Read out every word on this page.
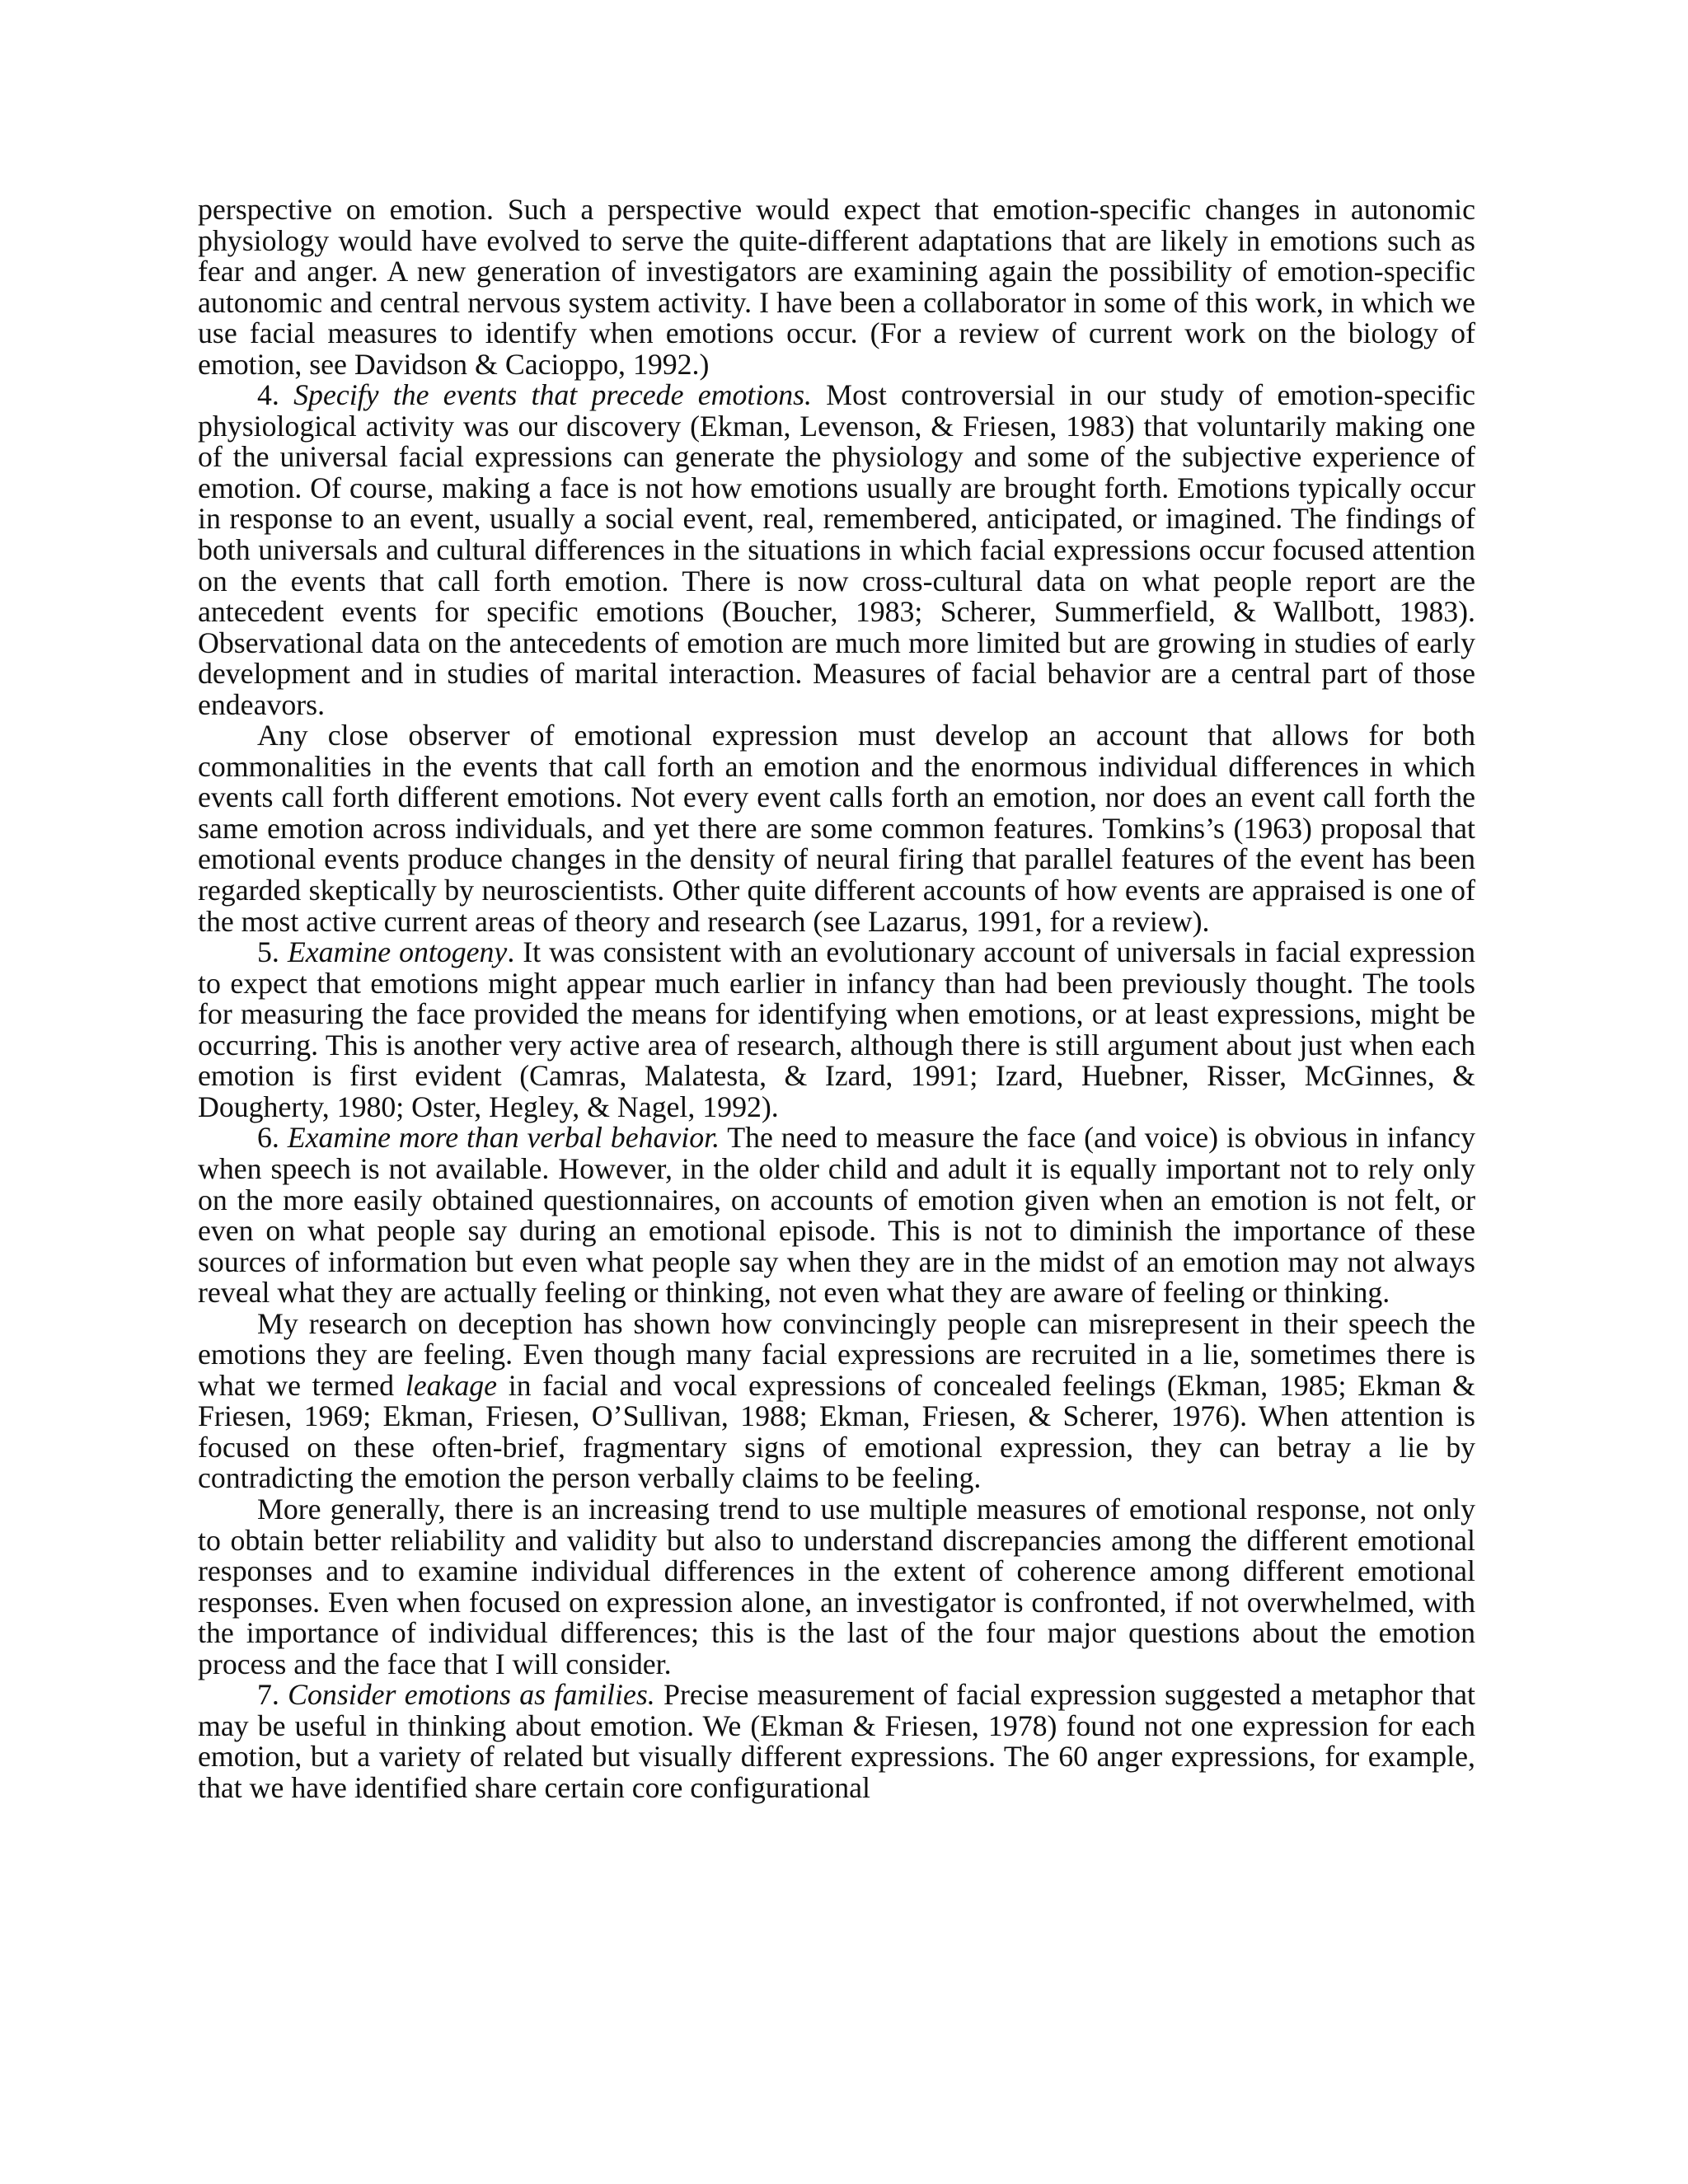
perspective on emotion. Such a perspective would expect that emotion-specific changes in autonomic physiology would have evolved to serve the quite-different adaptations that are likely in emotions such as fear and anger. A new generation of investigators are examining again the possibility of emotion-specific autonomic and central nervous system activity. I have been a collaborator in some of this work, in which we use facial measures to identify when emotions occur. (For a review of current work on the biology of emotion, see Davidson & Cacioppo, 1992.)

4. Specify the events that precede emotions. Most controversial in our study of emotion-specific physiological activity was our discovery (Ekman, Levenson, & Friesen, 1983) that voluntarily making one of the universal facial expressions can generate the physiology and some of the subjective experience of emotion. Of course, making a face is not how emotions usually are brought forth. Emotions typically occur in response to an event, usually a social event, real, remembered, anticipated, or imagined. The findings of both universals and cultural differences in the situations in which facial expressions occur focused attention on the events that call forth emotion. There is now cross-cultural data on what people report are the antecedent events for specific emotions (Boucher, 1983; Scherer, Summerfield, & Wallbott, 1983). Observational data on the antecedents of emotion are much more limited but are growing in studies of early development and in studies of marital interaction. Measures of facial behavior are a central part of those endeavors.

Any close observer of emotional expression must develop an account that allows for both commonalities in the events that call forth an emotion and the enormous individual differences in which events call forth different emotions. Not every event calls forth an emotion, nor does an event call forth the same emotion across individuals, and yet there are some common features. Tomkins’s (1963) proposal that emotional events produce changes in the density of neural firing that parallel features of the event has been regarded skeptically by neuroscientists. Other quite different accounts of how events are appraised is one of the most active current areas of theory and research (see Lazarus, 1991, for a review).

5. Examine ontogeny. It was consistent with an evolutionary account of universals in facial expression to expect that emotions might appear much earlier in infancy than had been previously thought. The tools for measuring the face provided the means for identifying when emotions, or at least expressions, might be occurring. This is another very active area of research, although there is still argument about just when each emotion is first evident (Camras, Malatesta, & Izard, 1991; Izard, Huebner, Risser, McGinnes, & Dougherty, 1980; Oster, Hegley, & Nagel, 1992).

6. Examine more than verbal behavior. The need to measure the face (and voice) is obvious in infancy when speech is not available. However, in the older child and adult it is equally important not to rely only on the more easily obtained questionnaires, on accounts of emotion given when an emotion is not felt, or even on what people say during an emotional episode. This is not to diminish the importance of these sources of information but even what people say when they are in the midst of an emotion may not always reveal what they are actually feeling or thinking, not even what they are aware of feeling or thinking.

My research on deception has shown how convincingly people can misrepresent in their speech the emotions they are feeling. Even though many facial expressions are recruited in a lie, sometimes there is what we termed leakage in facial and vocal expressions of concealed feelings (Ekman, 1985; Ekman & Friesen, 1969; Ekman, Friesen, O’Sullivan, 1988; Ekman, Friesen, & Scherer, 1976). When attention is focused on these often-brief, fragmentary signs of emotional expression, they can betray a lie by contradicting the emotion the person verbally claims to be feeling.

More generally, there is an increasing trend to use multiple measures of emotional response, not only to obtain better reliability and validity but also to understand discrepancies among the different emotional responses and to examine individual differences in the extent of coherence among different emotional responses. Even when focused on expression alone, an investigator is confronted, if not overwhelmed, with the importance of individual differences; this is the last of the four major questions about the emotion process and the face that I will consider.

7. Consider emotions as families. Precise measurement of facial expression suggested a metaphor that may be useful in thinking about emotion. We (Ekman & Friesen, 1978) found not one expression for each emotion, but a variety of related but visually different expressions. The 60 anger expressions, for example, that we have identified share certain core configurational
